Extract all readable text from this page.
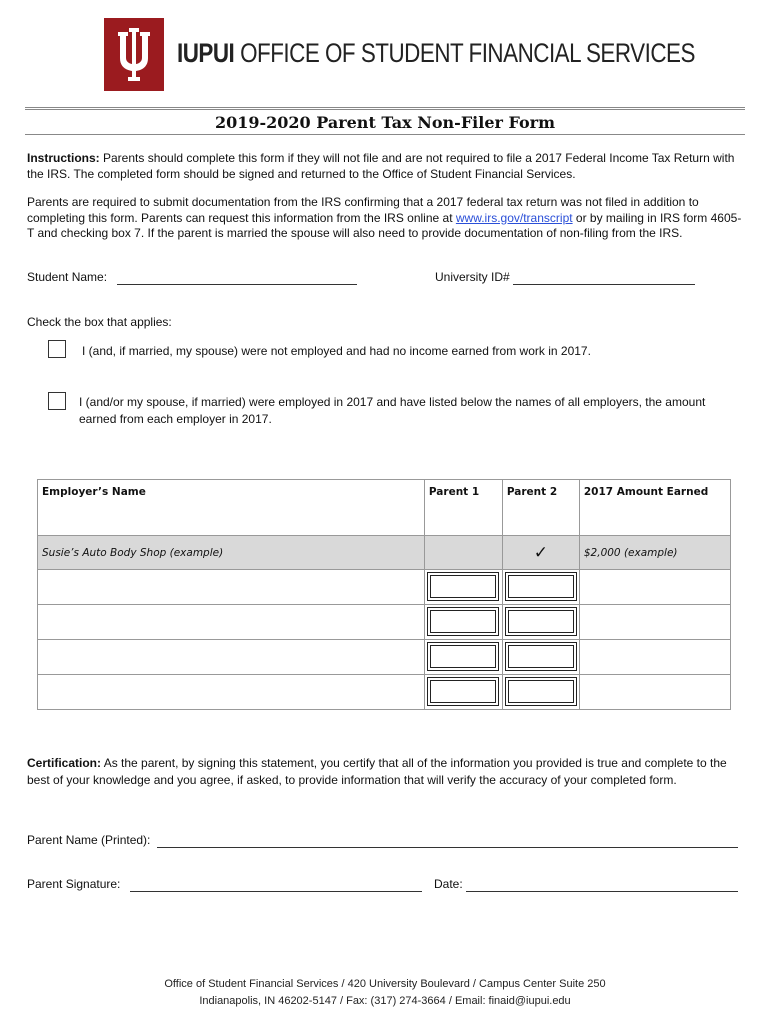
IUPUI OFFICE OF STUDENT FINANCIAL SERVICES
2019-2020 Parent Tax Non-Filer Form
Instructions: Parents should complete this form if they will not file and are not required to file a 2017 Federal Income Tax Return with the IRS. The completed form should be signed and returned to the Office of Student Financial Services.
Parents are required to submit documentation from the IRS confirming that a 2017 federal tax return was not filed in addition to completing this form. Parents can request this information from the IRS online at www.irs.gov/transcript or by mailing in IRS form 4605-T and checking box 7. If the parent is married the spouse will also need to provide documentation of non-filing from the IRS.
Student Name:	University ID#
Check the box that applies:
I (and, if married, my spouse) were not employed and had no income earned from work in 2017.
I (and/or my spouse, if married) were employed in 2017 and have listed below the names of all employers, the amount earned from each employer in 2017.
Employer’s Name	Parent 1	Parent 2	2017 Amount Earned
Susie’s Auto Body Shop (example)		✓	$2,000 (example)

Certification: As the parent, by signing this statement, you certify that all of the information you provided is true and complete to the best of your knowledge and you agree, if asked, to provide information that will verify the accuracy of your completed form.
Parent Name (Printed):
Parent Signature:	Date:
Office of Student Financial Services / 420 University Boulevard / Campus Center Suite 250
Indianapolis, IN 46202-5147 / Fax: (317) 274-3664 / Email: finaid@iupui.edu
